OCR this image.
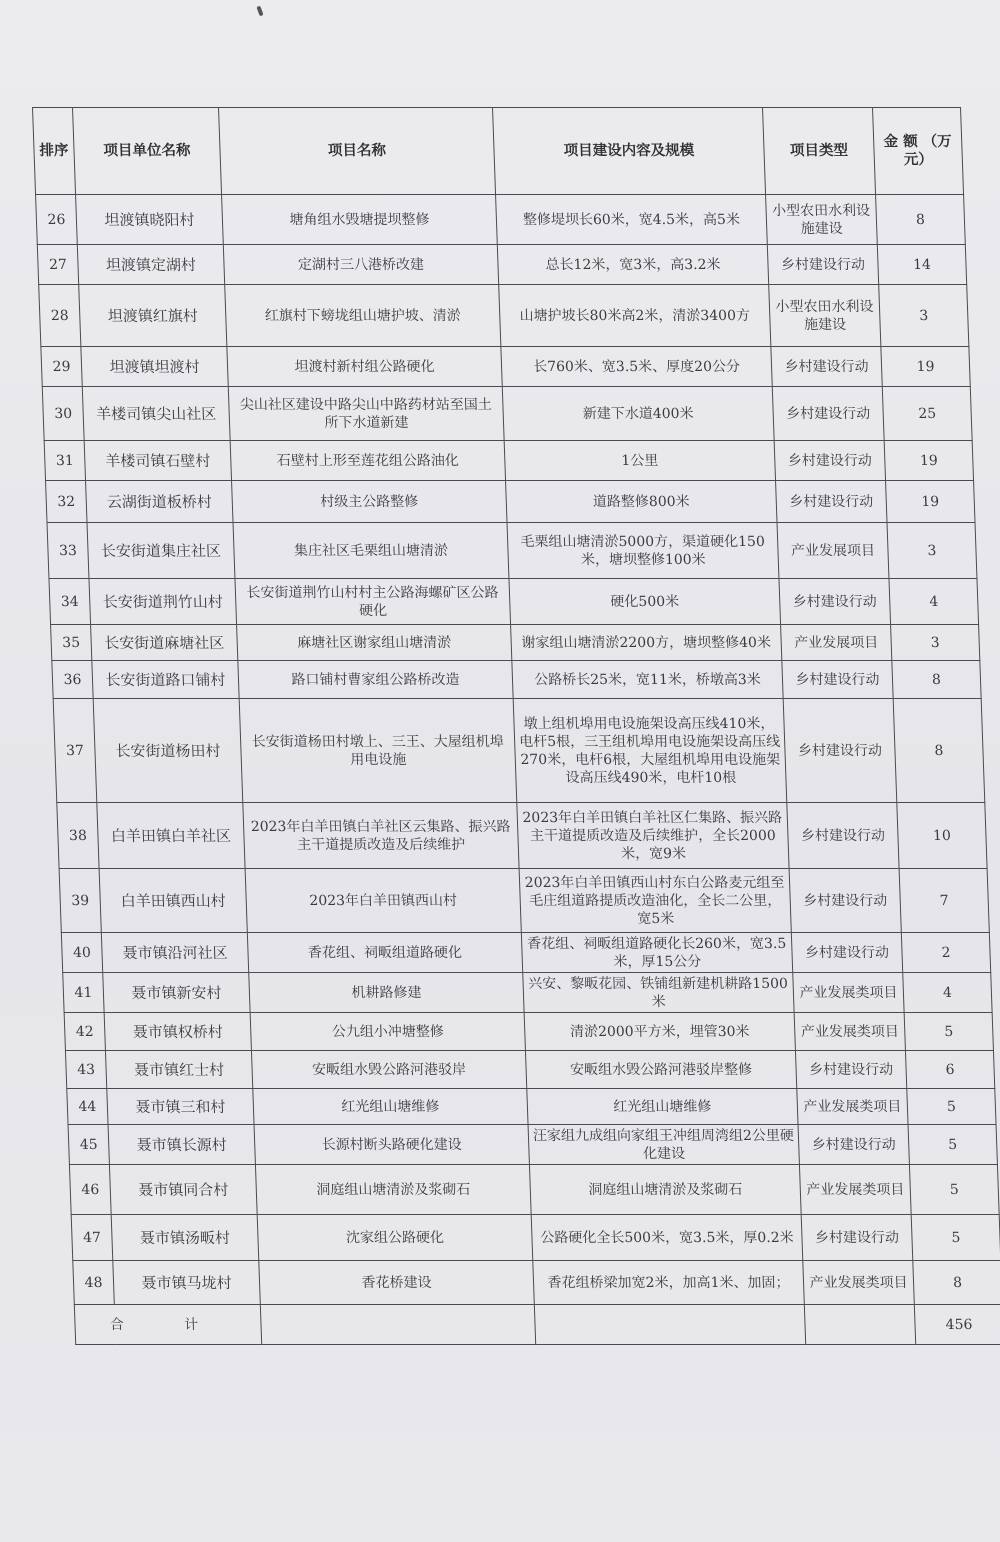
排序	项目单位名称	项目名称	项目建设内容及规模	项目类型	金 额 （万元）
26	坦渡镇晓阳村	塘角组水毁塘提坝整修	整修堤坝长60米，宽4.5米，高5米	小型农田水利设施建设	8
27	坦渡镇定湖村	定湖村三八港桥改建	总长12米，宽3米，高3.2米	乡村建设行动	14
28	坦渡镇红旗村	红旗村下螃垅组山塘护坡、清淤	山塘护坡长80米高2米，清淤3400方	小型农田水利设施建设	3
29	坦渡镇坦渡村	坦渡村新村组公路硬化	长760米、宽3.5米、厚度20公分	乡村建设行动	19
30	羊楼司镇尖山社区	尖山社区建设中路尖山中路药材站至国土所下水道新建	新建下水道400米	乡村建设行动	25
31	羊楼司镇石壁村	石壁村上形至莲花组公路油化	1公里	乡村建设行动	19
32	云湖街道板桥村	村级主公路整修	道路整修800米	乡村建设行动	19
33	长安街道集庄社区	集庄社区毛栗组山塘清淤	毛栗组山塘清淤5000方，渠道硬化150米，塘坝整修100米	产业发展项目	3
34	长安街道荆竹山村	长安街道荆竹山村村主公路海螺矿区公路硬化	硬化500米	乡村建设行动	4
35	长安街道麻塘社区	麻塘社区谢家组山塘清淤	谢家组山塘清淤2200方，塘坝整修40米	产业发展项目	3
36	长安街道路口铺村	路口铺村曹家组公路桥改造	公路桥长25米，宽11米，桥墩高3米	乡村建设行动	8
37	长安街道杨田村	长安街道杨田村墩上、三王、大屋组机埠用电设施	墩上组机埠用电设施架设高压线410米，电杆5根，三王组机埠用电设施架设高压线270米，电杆6根，大屋组机埠用电设施架设高压线490米，电杆10根	乡村建设行动	8
38	白羊田镇白羊社区	2023年白羊田镇白羊社区云集路、振兴路主干道提质改造及后续维护	2023年白羊田镇白羊社区仁集路、振兴路主干道提质改造及后续维护，全长2000米，宽9米	乡村建设行动	10
39	白羊田镇西山村	2023年白羊田镇西山村	2023年白羊田镇西山村东白公路麦元组至毛庄组道路提质改造油化，全长二公里，宽5米	乡村建设行动	7
40	聂市镇沿河社区	香花组、祠畈组道路硬化	香花组、祠畈组道路硬化长260米，宽3.5米，厚15公分	乡村建设行动	2
41	聂市镇新安村	机耕路修建	兴安、黎畈花园、铁铺组新建机耕路1500米	产业发展类项目	4
42	聂市镇权桥村	公九组小冲塘整修	清淤2000平方米，埋管30米	产业发展类项目	5
43	聂市镇红士村	安畈组水毁公路河港驳岸	安畈组水毁公路河港驳岸整修	乡村建设行动	6
44	聂市镇三和村	红光组山塘维修	红光组山塘维修	产业发展类项目	5
45	聂市镇长源村	长源村断头路硬化建设	汪家组九成组向家组王冲组周湾组2公里硬化建设	乡村建设行动	5
46	聂市镇同合村	洞庭组山塘清淤及浆砌石	洞庭组山塘清淤及浆砌石	产业发展类项目	5
47	聂市镇汤畈村	沈家组公路硬化	公路硬化全长500米，宽3.5米，厚0.2米	乡村建设行动	5
48	聂市镇马垅村	香花桥建设	香花组桥梁加宽2米，加高1米、加固；	产业发展类项目	8
合 计					456
